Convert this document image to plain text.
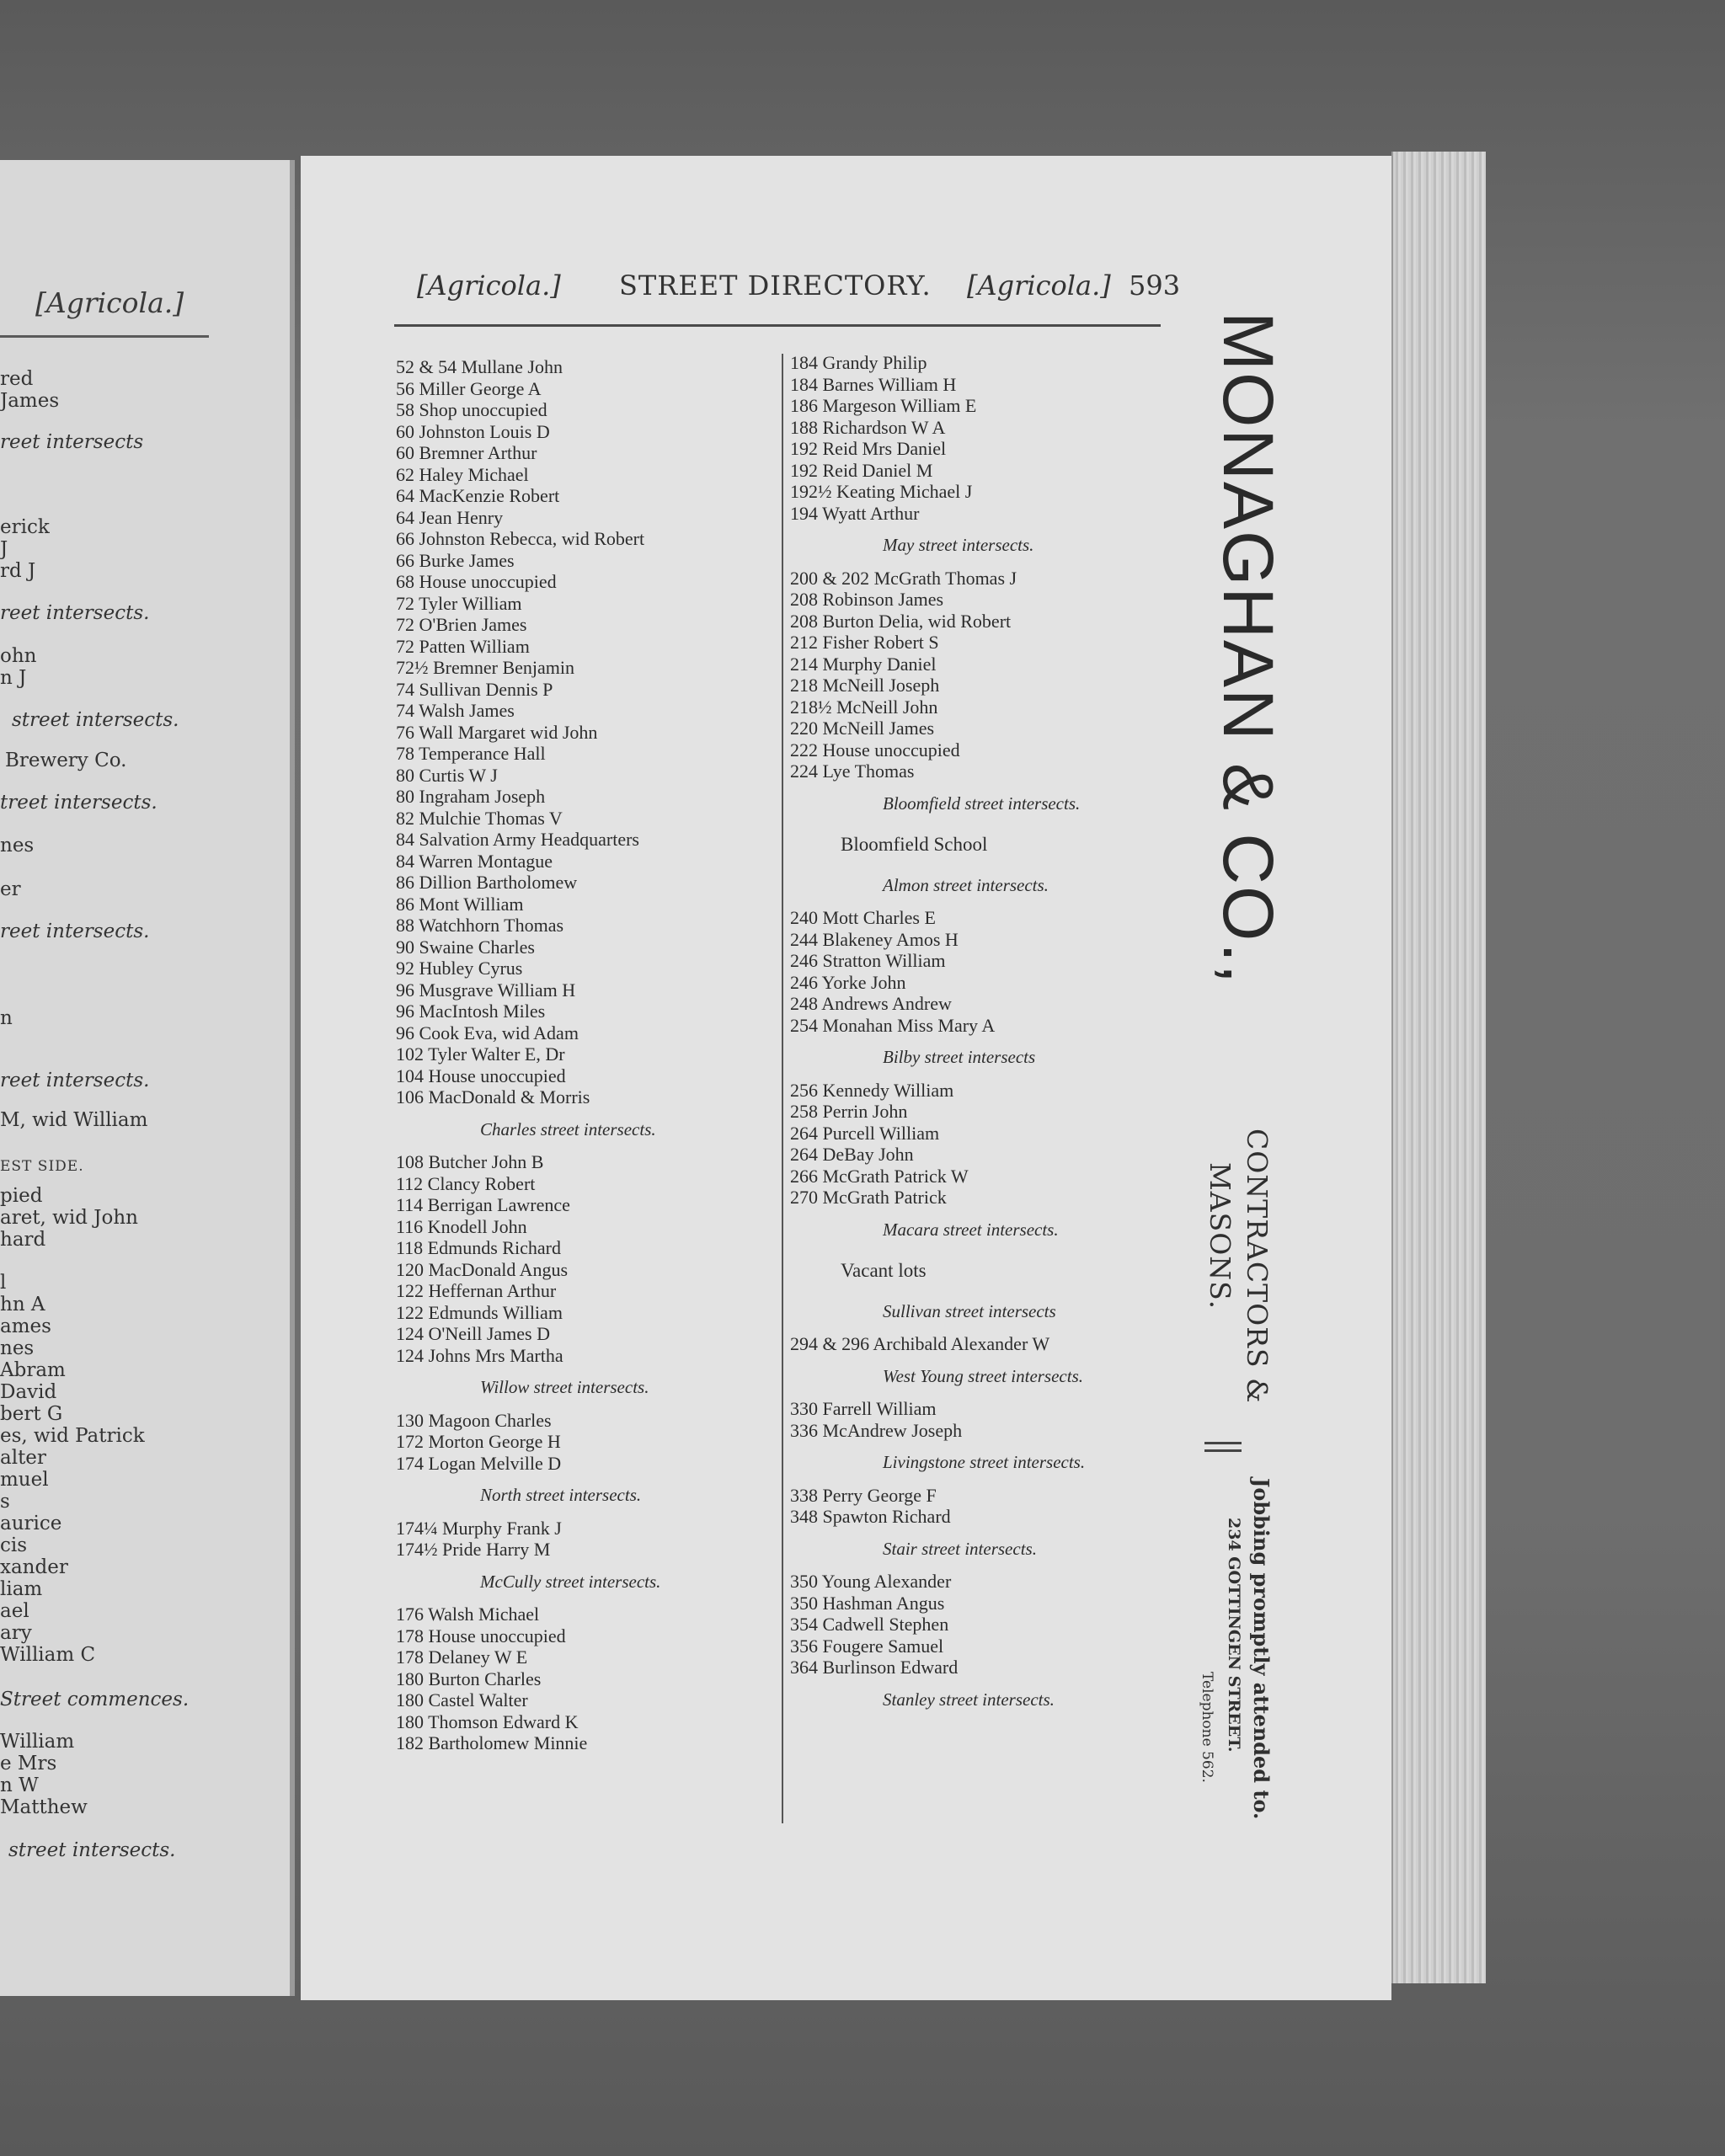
[Agricola.]
red
James
reet intersects
erick
J
rd J
reet intersects.
ohn
n J
street intersects.
Brewery Co.
treet intersects.
nes
er
reet intersects.
n
reet intersects.
M, wid William
EST SIDE.
pied
aret, wid John
hard
l
hn A
ames
nes
Abram
David
bert G
es, wid Patrick
alter
muel
s
aurice
cis
xander
liam
ael
ary
William C
Street commences.
William
e Mrs
n W
Matthew
street intersects.
[Agricola.] STREET DIRECTORY. [Agricola.] 593
52 & 54 Mullane John
56 Miller George A
58 Shop unoccupied
60 Johnston Louis D
60 Bremner Arthur
62 Haley Michael
64 MacKenzie Robert
64 Jean Henry
66 Johnston Rebecca, wid Robert
66 Burke James
68 House unoccupied
72 Tyler William
72 O'Brien James
72 Patten William
72½ Bremner Benjamin
74 Sullivan Dennis P
74 Walsh James
76 Wall Margaret wid John
78 Temperance Hall
80 Curtis W J
80 Ingraham Joseph
82 Mulchie Thomas V
84 Salvation Army Headquarters
84 Warren Montague
86 Dillion Bartholomew
86 Mont William
88 Watchhorn Thomas
90 Swaine Charles
92 Hubley Cyrus
96 Musgrave William H
96 MacIntosh Miles
96 Cook Eva, wid Adam
102 Tyler Walter E, Dr
104 House unoccupied
106 MacDonald & Morris
Charles street intersects.
108 Butcher John B
112 Clancy Robert
114 Berrigan Lawrence
116 Knodell John
118 Edmunds Richard
120 MacDonald Angus
122 Heffernan Arthur
122 Edmunds William
124 O'Neill James D
124 Johns Mrs Martha
Willow street intersects.
130 Magoon Charles
172 Morton George H
174 Logan Melville D
North street intersects.
174¼ Murphy Frank J
174½ Pride Harry M
McCully street intersects.
176 Walsh Michael
178 House unoccupied
178 Delaney W E
180 Burton Charles
180 Castel Walter
180 Thomson Edward K
182 Bartholomew Minnie
184 Grandy Philip
184 Barnes William H
186 Margeson William E
188 Richardson W A
192 Reid Mrs Daniel
192 Reid Daniel M
192½ Keating Michael J
194 Wyatt Arthur
May street intersects.
200 & 202 McGrath Thomas J
208 Robinson James
208 Burton Delia, wid Robert
212 Fisher Robert S
214 Murphy Daniel
218 McNeill Joseph
218½ McNeill John
220 McNeill James
222 House unoccupied
224 Lye Thomas
Bloomfield street intersects.
Bloomfield School
Almon street intersects.
240 Mott Charles E
244 Blakeney Amos H
246 Stratton William
246 Yorke John
248 Andrews Andrew
254 Monahan Miss Mary A
Bilby street intersects
256 Kennedy William
258 Perrin John
264 Purcell William
264 DeBay John
266 McGrath Patrick W
270 McGrath Patrick
Macara street intersects.
Vacant lots
Sullivan street intersects
294 & 296 Archibald Alexander W
West Young street intersects.
330 Farrell William
336 McAndrew Joseph
Livingstone street intersects.
338 Perry George F
348 Spawton Richard
Stair street intersects.
350 Young Alexander
350 Hashman Angus
354 Cadwell Stephen
356 Fougere Samuel
364 Burlinson Edward
Stanley street intersects.
MONAGHAN & CO.,
CONTRACTORS &
MASONS.
Jobbing promptly attended to.
234 GOTTINGEN STREET.
Telephone 562.
